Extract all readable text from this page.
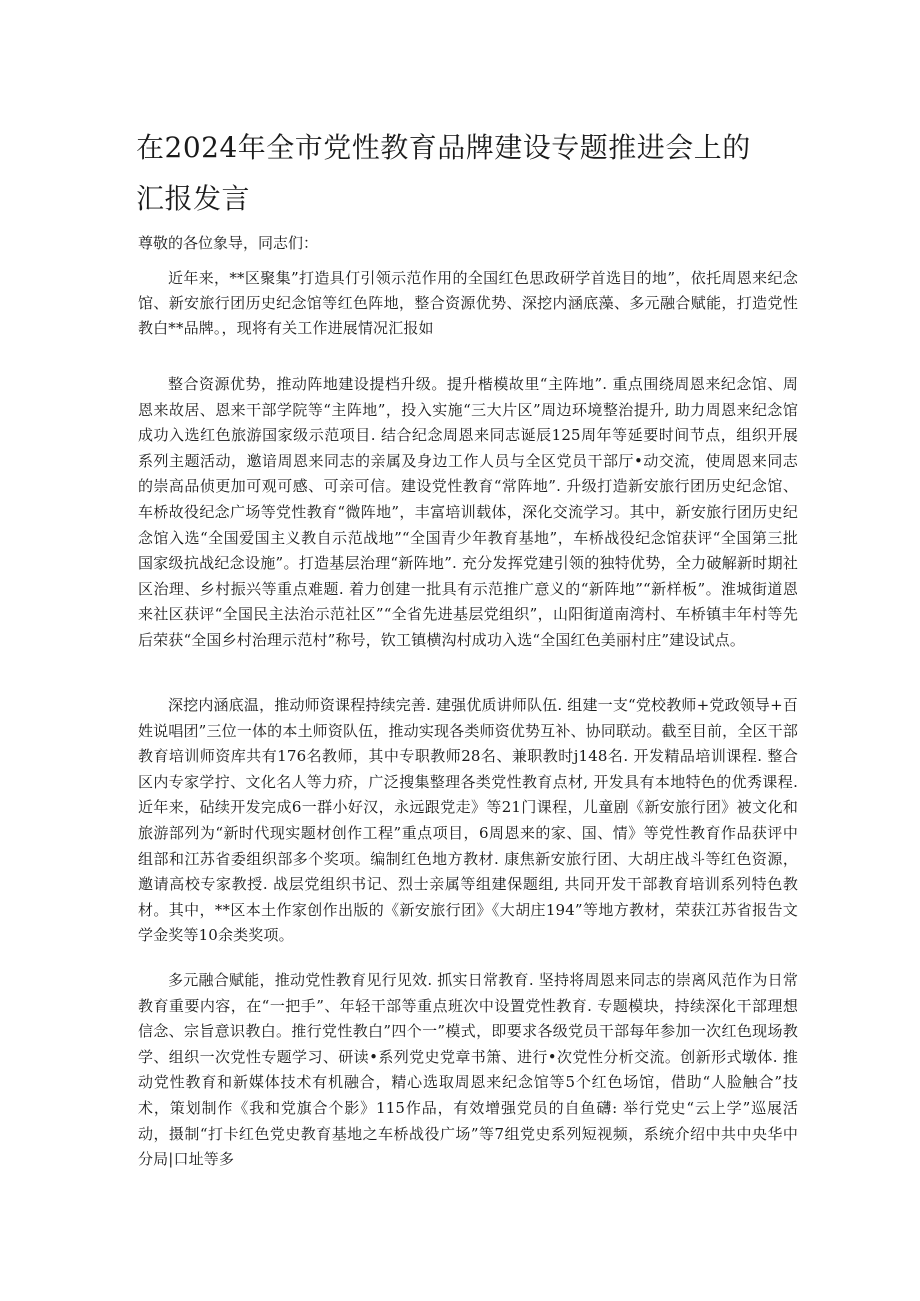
在2024年全市党性教育品牌建设专题推进会上的汇报发言

尊敬的各位象导，同志们：

近年来，**区聚集”打造具仃引领示范作用的全国红色思政研学首选目的地”，依托周恩来纪念馆、新安旅行团历史纪念馆等红色阵地，整合资源优势、深挖内涵底藻、多元融合赋能，打造党性教白**品牌。，现将有关工作进展情况汇报如

整合资源优势，推动阵地建设提档升级。提升楷模故里“主阵地”. 重点围绕周恩来纪念馆、周恩来故居、恩来干部学院等“主阵地”，投入实施“三大片区”周边环境整治提升, 助力周恩来纪念馆成功入选红色旅游国家级示范项目. 结合纪念周恩来同志诞辰125周年等延要时间节点，组织开展系列主题活动，邀谙周恩来同志的亲属及身边工作人员与全区党员干部厅•动交流，使周恩来同志的崇高品侦更加可观可感、可亲可信。建设党性教育“常阵地”. 升级打造新安旅行团历史纪念馆、车桥故役纪念广场等党性教育“微阵地”，丰富培训载体，深化交流学习。其中，新安旅行团历史纪念馆入选“全国爱国主义教自示范战地”“全国青少年教育基地”，车桥战役纪念馆获评“全国第三批国家级抗战纪念设施”。打造基层治理“新阵地”. 充分发挥党建引领的独特优势，全力破解新时期社区治理、乡村振兴等重点难题. 着力创建一批具有示范推广意义的“新阵地”“新样板”。淮城街道恩来社区获评“全国民主法治示范社区”“全省先进基层党组织”，山阳街道南湾村、车桥镇丰年村等先后荣获“全国乡村治理示范村”称号，钦工镇横沟村成功入选“全国红色美丽村庄”建设试点。

深挖内涵底温，推动师资课程持续完善. 建强优质讲师队伍. 组建一支“党校教师+党政领导+百姓说唱团”三位一体的本土师资队伍，推动实现各类师资优势互补、协同联动。截至目前，全区干部教育培训师资库共有176名教师，其中专职教师28名、兼职教时j148名. 开发精品培训课程. 整合区内专家学拧、文化名人等力疥，广泛搜集整理各类党性教育点材, 开发具有本地特色的优秀课程. 近年来，砧续开发完成6一群小好汉，永远跟党走》等21门课程，儿童剧《新安旅行团》被文化和旅游部列为“新时代现实题材创作工程”重点项目，6周恩来的家、国、情》等党性教育作品获评中组部和江苏省委组织部多个奖项。编制红色地方教材. 康焦新安旅行团、大胡庄战斗等红色资源，邀请高校专家教授. 战层党组织书记、烈士亲属等组建保题组, 共同开发干部教育培训系列特色教材。其中，**区本土作家创作出版的《新安旅行团》《大胡庄194”等地方教材，荣获江苏省报告文学金奖等10余类奖项。

多元融合赋能，推动党性教育见行见效. 抓实日常教育. 坚持将周恩来同志的崇离风范作为日常教育重要内容，在“一把手”、年轻干部等重点班次中设置党性教育. 专题模块，持续深化干部理想信念、宗旨意识教白。推行党性教白”四个一”模式，即要求各级党员干部每年参加一次红色现场教学、组织一次党性专题学习、研读•系列党史党章书箫、进行•次党性分析交流。创新形式墩体. 推动党性教育和新媒体技术有机融合，精心选取周恩来纪念馆等5个红色场馆，借助“人脸触合”技术，策划制作《我和党旗合个影》115作品，有效增强党员的自鱼礴: 举行党史“云上学”巡展活动，摄制“打卡红色党史教育基地之车桥战役广场”等7组党史系列短视频，系统介绍中共中央华中分局|口址等多
